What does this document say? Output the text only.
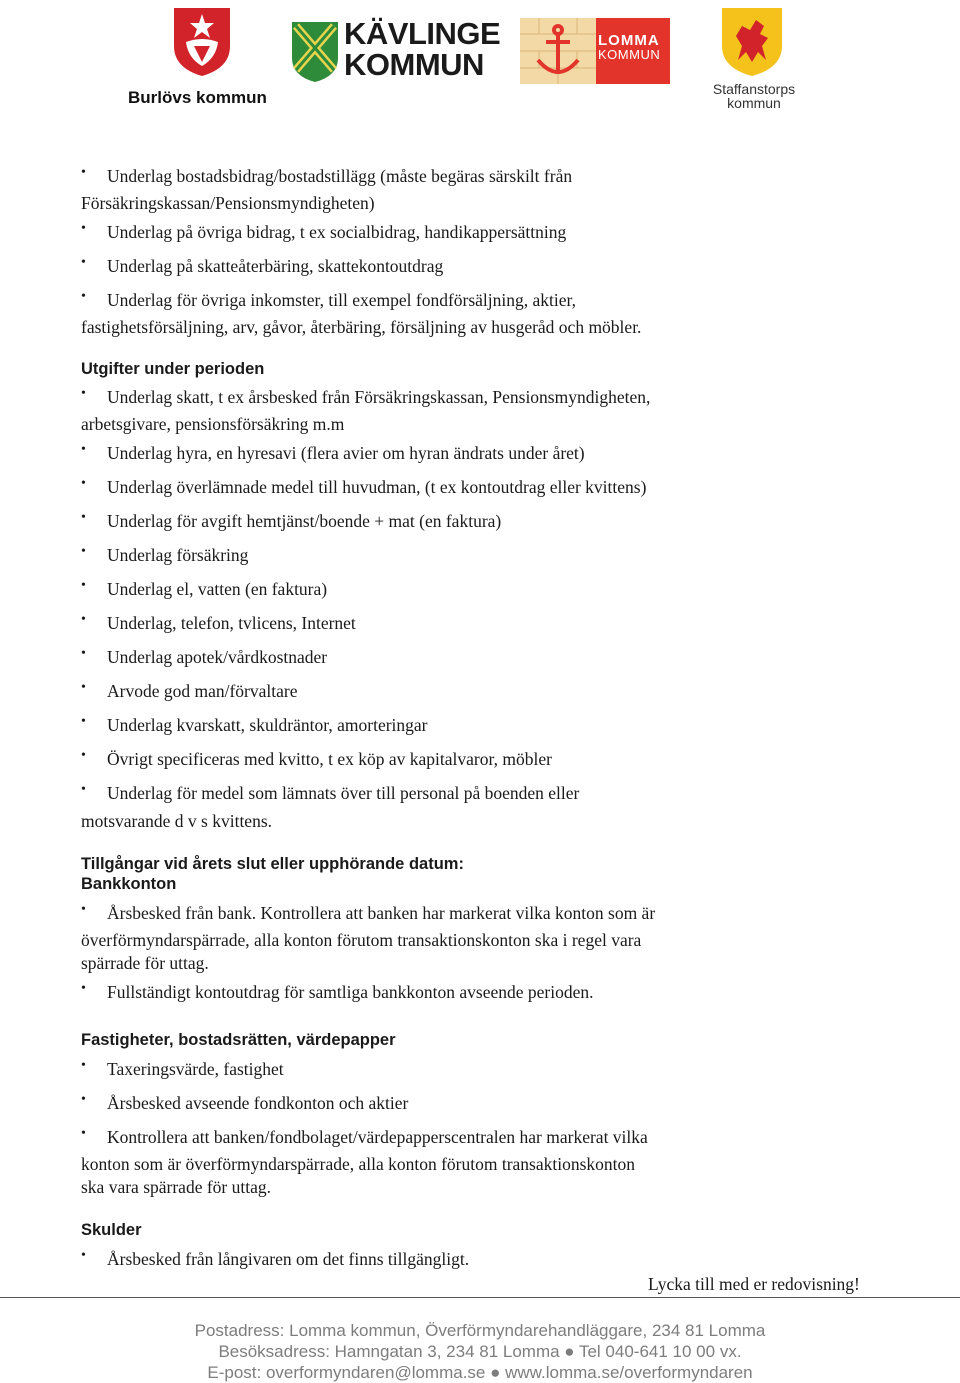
Burlövs kommun
KÄVLINGE
KOMMUN
LOMMA
KOMMUN
Staffanstorps
kommun
• Underlag bostadsbidrag/bostadstillägg (måste begäras särskilt från
Försäkringskassan/Pensionsmyndigheten)
• Underlag på övriga bidrag, t ex socialbidrag, handikappersättning
• Underlag på skatteåterbäring, skattekontoutdrag
• Underlag för övriga inkomster, till exempel fondförsäljning, aktier,
fastighetsförsäljning, arv, gåvor, återbäring, försäljning av husgeråd och möbler.
Utgifter under perioden
• Underlag skatt, t ex årsbesked från Försäkringskassan, Pensionsmyndigheten,
arbetsgivare, pensionsförsäkring m.m
• Underlag hyra, en hyresavi (flera avier om hyran ändrats under året)
• Underlag överlämnade medel till huvudman, (t ex kontoutdrag eller kvittens)
• Underlag för avgift hemtjänst/boende + mat (en faktura)
• Underlag försäkring
• Underlag el, vatten (en faktura)
• Underlag, telefon, tvlicens, Internet
• Underlag apotek/vårdkostnader
• Arvode god man/förvaltare
• Underlag kvarskatt, skuldräntor, amorteringar
• Övrigt specificeras med kvitto, t ex köp av kapitalvaror, möbler
• Underlag för medel som lämnats över till personal på boenden eller
motsvarande d v s kvittens.
Tillgångar vid årets slut eller upphörande datum:
Bankkonton
• Årsbesked från bank. Kontrollera att banken har markerat vilka konton som är
överförmyndarspärrade, alla konton förutom transaktionskonton ska i regel vara
spärrade för uttag.
• Fullständigt kontoutdrag för samtliga bankkonton avseende perioden.
Fastigheter, bostadsrätten, värdepapper
• Taxeringsvärde, fastighet
• Årsbesked avseende fondkonton och aktier
• Kontrollera att banken/fondbolaget/värdepapperscentralen har markerat vilka
konton som är överförmyndarspärrade, alla konton förutom transaktionskonton
ska vara spärrade för uttag.
Skulder
• Årsbesked från långivaren om det finns tillgängligt.
Lycka till med er redovisning!
Postadress: Lomma kommun, Överförmyndarehandläggare, 234 81 Lomma
Besöksadress: Hamngatan 3, 234 81 Lomma ● Tel 040-641 10 00 vx.
E-post: overformyndaren@lomma.se ● www.lomma.se/overformyndaren
